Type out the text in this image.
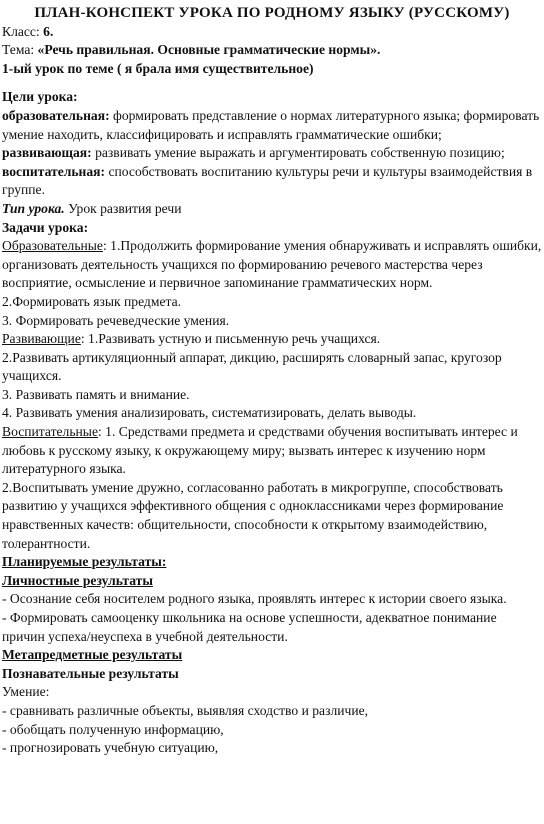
ПЛАН-КОНСПЕКТ УРОКА ПО РОДНОМУ ЯЗЫКУ (РУССКОМУ)

Класс: 6.

Тема: «Речь правильная. Основные грамматические нормы».

1-ый урок по теме ( я брала имя существительное)

Цели урока:

образовательная: формировать представление о нормах литературного языка; формировать умение находить, классифицировать и исправлять грамматические ошибки;

развивающая: развивать умение выражать и аргументировать собственную позицию;

воспитательная: способствовать воспитанию культуры речи и культуры взаимодействия в группе.

Тип урока. Урок развития речи

Задачи урока:

Образовательные: 1.Продолжить формирование умения обнаруживать и исправлять ошибки, организовать деятельность учащихся по формированию речевого мастерства через восприятие, осмысление и первичное запоминание грамматических норм.

2.Формировать язык предмета.

3. Формировать речеведческие умения.

Развивающие: 1.Развивать устную и письменную речь учащихся.

2.Развивать артикуляционный аппарат, дикцию, расширять словарный запас, кругозор учащихся.

3. Развивать память и внимание.

4. Развивать умения анализировать, систематизировать, делать выводы.

Воспитательные: 1. Средствами предмета и средствами обучения воспитывать интерес и любовь к русскому языку, к окружающему миру; вызвать интерес к изучению норм литературного языка.

2.Воспитывать умение дружно, согласованно работать в микрогруппе, способствовать развитию у учащихся эффективного общения с одноклассниками через формирование нравственных качеств: общительности, способности к открытому взаимодействию, толерантности.

Планируемые результаты:

Личностные результаты

- Осознание себя носителем родного языка, проявлять интерес к истории своего языка.

- Формировать самооценку школьника на основе успешности, адекватное понимание причин успеха/неуспеха в учебной деятельности.

Метапредметные результаты

Познавательные результаты

Умение:

- сравнивать различные объекты, выявляя сходство и различие,

- обобщать полученную информацию,

- прогнозировать учебную ситуацию,
